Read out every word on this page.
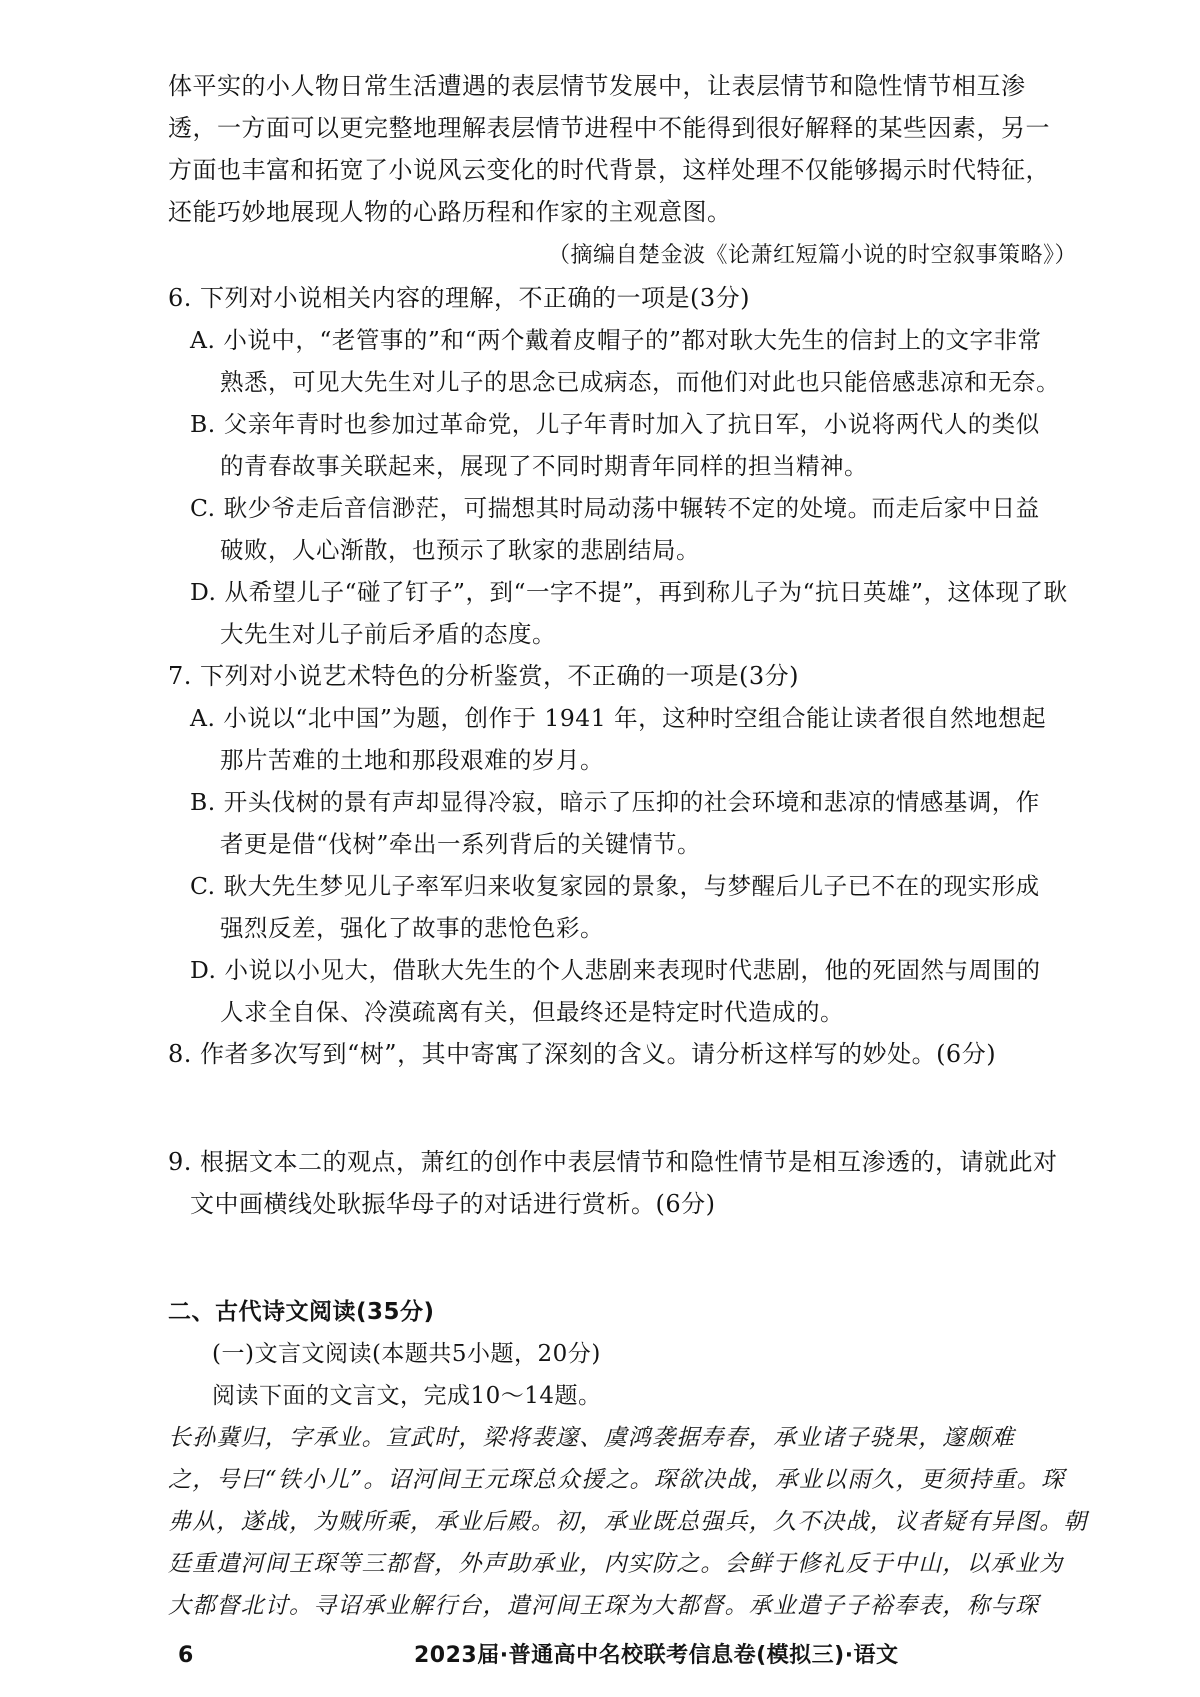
体平实的小人物日常生活遭遇的表层情节发展中，让表层情节和隐性情节相互渗
透，一方面可以更完整地理解表层情节进程中不能得到很好解释的某些因素，另一
方面也丰富和拓宽了小说风云变化的时代背景，这样处理不仅能够揭示时代特征，
还能巧妙地展现人物的心路历程和作家的主观意图。
（摘编自楚金波《论萧红短篇小说的时空叙事策略》）
6. 下列对小说相关内容的理解，不正确的一项是(3分)
A. 小说中，“老管事的”和“两个戴着皮帽子的”都对耿大先生的信封上的文字非常
熟悉，可见大先生对儿子的思念已成病态，而他们对此也只能倍感悲凉和无奈。
B. 父亲年青时也参加过革命党，儿子年青时加入了抗日军，小说将两代人的类似
的青春故事关联起来，展现了不同时期青年同样的担当精神。
C. 耿少爷走后音信渺茫，可揣想其时局动荡中辗转不定的处境。而走后家中日益
破败，人心渐散，也预示了耿家的悲剧结局。
D. 从希望儿子“碰了钉子”，到“一字不提”，再到称儿子为“抗日英雄”，这体现了耿
大先生对儿子前后矛盾的态度。
7. 下列对小说艺术特色的分析鉴赏，不正确的一项是(3分)
A. 小说以“北中国”为题，创作于 1941 年，这种时空组合能让读者很自然地想起
那片苦难的土地和那段艰难的岁月。
B. 开头伐树的景有声却显得冷寂，暗示了压抑的社会环境和悲凉的情感基调，作
者更是借“伐树”牵出一系列背后的关键情节。
C. 耿大先生梦见儿子率军归来收复家园的景象，与梦醒后儿子已不在的现实形成
强烈反差，强化了故事的悲怆色彩。
D. 小说以小见大，借耿大先生的个人悲剧来表现时代悲剧，他的死固然与周围的
人求全自保、冷漠疏离有关，但最终还是特定时代造成的。
8. 作者多次写到“树”，其中寄寓了深刻的含义。请分析这样写的妙处。(6分)
9. 根据文本二的观点，萧红的创作中表层情节和隐性情节是相互渗透的，请就此对
文中画横线处耿振华母子的对话进行赏析。(6分)
二、古代诗文阅读(35分)
(一)文言文阅读(本题共5小题，20分)
阅读下面的文言文，完成10～14题。
长孙冀归，字承业。宣武时，梁将裴邃、虞鸿袭据寿春，承业诸子骁果，邃颇难
之，号曰“铁小儿”。诏河间王元琛总众援之。琛欲决战，承业以雨久，更须持重。琛
弗从，遂战，为贼所乘，承业后殿。初，承业既总强兵，久不决战，议者疑有异图。朝
廷重遣河间王琛等三都督，外声助承业，内实防之。会鲜于修礼反于中山，以承业为
大都督北讨。寻诏承业解行台，遣河间王琛为大都督。承业遣子子裕奉表，称与琛
6	2023届·普通高中名校联考信息卷(模拟三)·语文
